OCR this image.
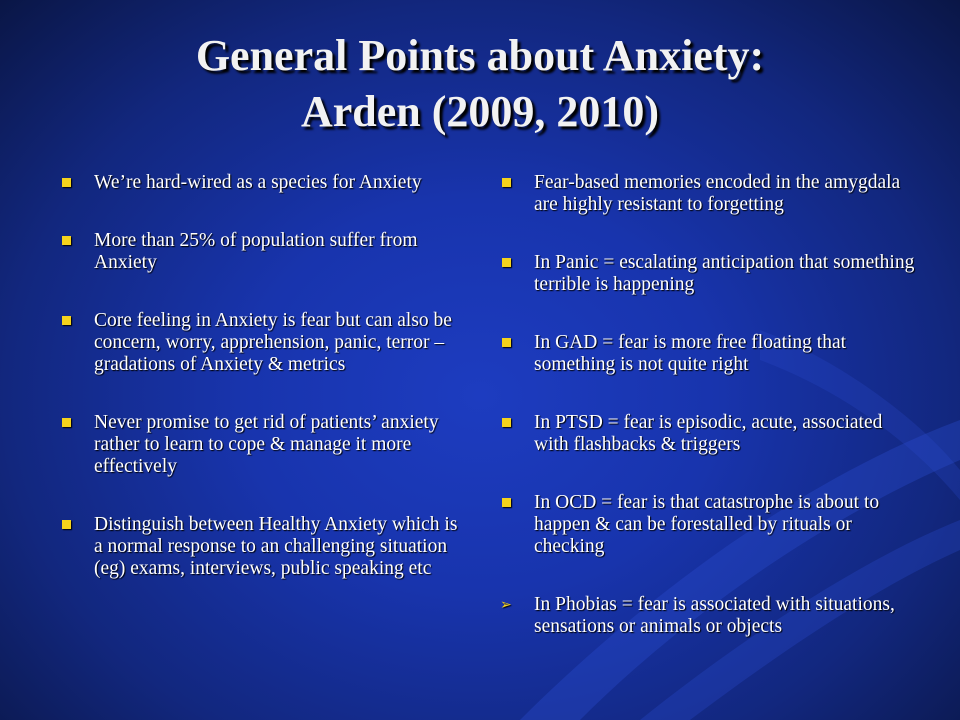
General Points about Anxiety:
Arden (2009, 2010)
We’re hard-wired as a species for Anxiety
More than 25% of population suffer from Anxiety
Core feeling in Anxiety is fear but can also be concern, worry, apprehension, panic, terror – gradations of Anxiety & metrics
Never promise to get rid of patients’ anxiety rather to learn to cope & manage it more effectively
Distinguish between Healthy Anxiety which is a normal response to an challenging situation (eg) exams, interviews, public speaking etc
Fear-based memories encoded in the amygdala are highly resistant to forgetting
In Panic = escalating anticipation that something terrible is happening
In GAD = fear is more free floating that something is not quite right
In PTSD = fear is episodic, acute, associated with flashbacks & triggers
In OCD = fear is that catastrophe is about to happen & can be forestalled by rituals or checking
➢ In Phobias = fear is associated with situations, sensations or animals or objects
